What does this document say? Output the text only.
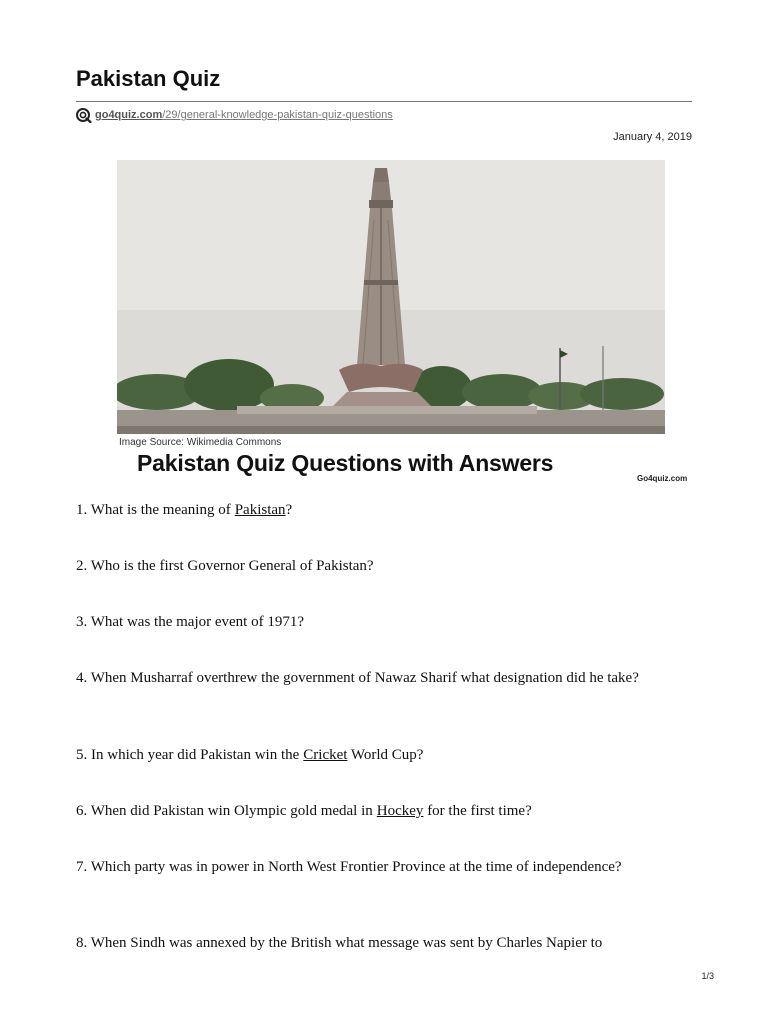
Pakistan Quiz
go4quiz.com /29/general-knowledge-pakistan-quiz-questions
January 4, 2019
Image Source: Wikimedia Commons
Pakistan Quiz Questions with Answers
Go4quiz.com

1. What is the meaning of Pakistan?

2. Who is the first Governor General of Pakistan?

3. What was the major event of 1971?

4. When Musharraf overthrew the government of Nawaz Sharif what designation did he take?

5. In which year did Pakistan win the Cricket World Cup?

6. When did Pakistan win Olympic gold medal in Hockey for the first time?

7. Which party was in power in North West Frontier Province at the time of independence?

8. When Sindh was annexed by the British what message was sent by Charles Napier to

1/3
